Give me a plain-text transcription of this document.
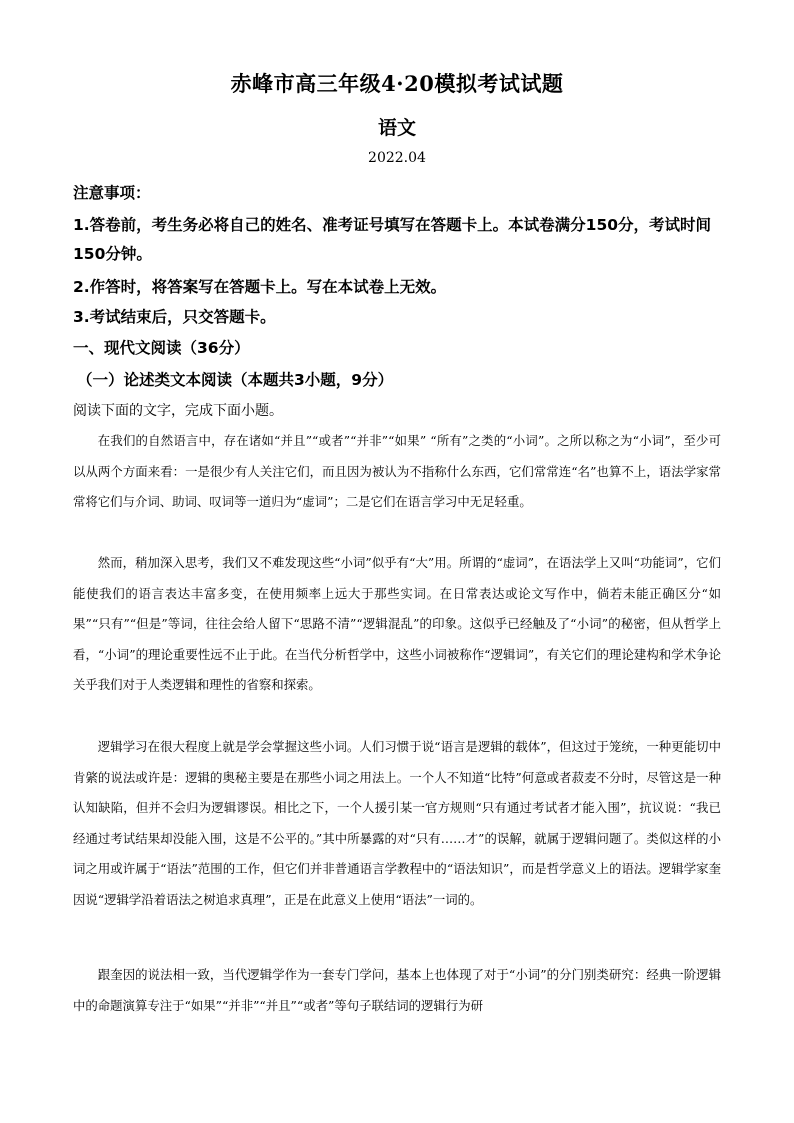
赤峰市高三年级4·20模拟考试试题
语文
2022.04
注意事项：
1.答卷前，考生务必将自己的姓名、准考证号填写在答题卡上。本试卷满分150分，考试时间150分钟。
2.作答时，将答案写在答题卡上。写在本试卷上无效。
3.考试结束后，只交答题卡。
一、现代文阅读（36分）
（一）论述类文本阅读（本题共3小题，9分）
阅读下面的文字，完成下面小题。

在我们的自然语言中，存在诸如“并且”“或者”“并非”“如果” “所有”之类的“小词”。之所以称之为“小词”，至少可以从两个方面来看：一是很少有人关注它们，而且因为被认为不指称什么东西，它们常常连“名”也算不上，语法学家常常将它们与介词、助词、叹词等一道归为“虚词”；二是它们在语言学习中无足轻重。

然而，稍加深入思考，我们又不难发现这些“小词”似乎有“大”用。所谓的“虚词”，在语法学上又叫“功能词”，它们能使我们的语言表达丰富多变，在使用频率上远大于那些实词。在日常表达或论文写作中，倘若未能正确区分“如果”“只有”“但是”等词，往往会给人留下“思路不清”“逻辑混乱”的印象。这似乎已经触及了“小词”的秘密，但从哲学上看，“小词”的理论重要性远不止于此。在当代分析哲学中，这些小词被称作“逻辑词”，有关它们的理论建构和学术争论关乎我们对于人类逻辑和理性的省察和探索。

逻辑学习在很大程度上就是学会掌握这些小词。人们习惯于说“语言是逻辑的载体”，但这过于笼统，一种更能切中肯綮的说法或许是：逻辑的奥秘主要是在那些小词之用法上。一个人不知道“比特”何意或者菽麦不分时，尽管这是一种认知缺陷，但并不会归为逻辑谬误。相比之下，一个人援引某一官方规则“只有通过考试者才能入围”，抗议说：“我已经通过考试结果却没能入围，这是不公平的。”其中所暴露的对“只有……才”的误解，就属于逻辑问题了。类似这样的小词之用或许属于“语法”范围的工作，但它们并非普通语言学教程中的“语法知识”，而是哲学意义上的语法。逻辑学家奎因说“逻辑学沿着语法之树追求真理”，正是在此意义上使用“语法”一词的。

跟奎因的说法相一致，当代逻辑学作为一套专门学问，基本上也体现了对于“小词”的分门别类研究：经典一阶逻辑中的命题演算专注于“如果”“并非”“并且”“或者”等句子联结词的逻辑行为研
